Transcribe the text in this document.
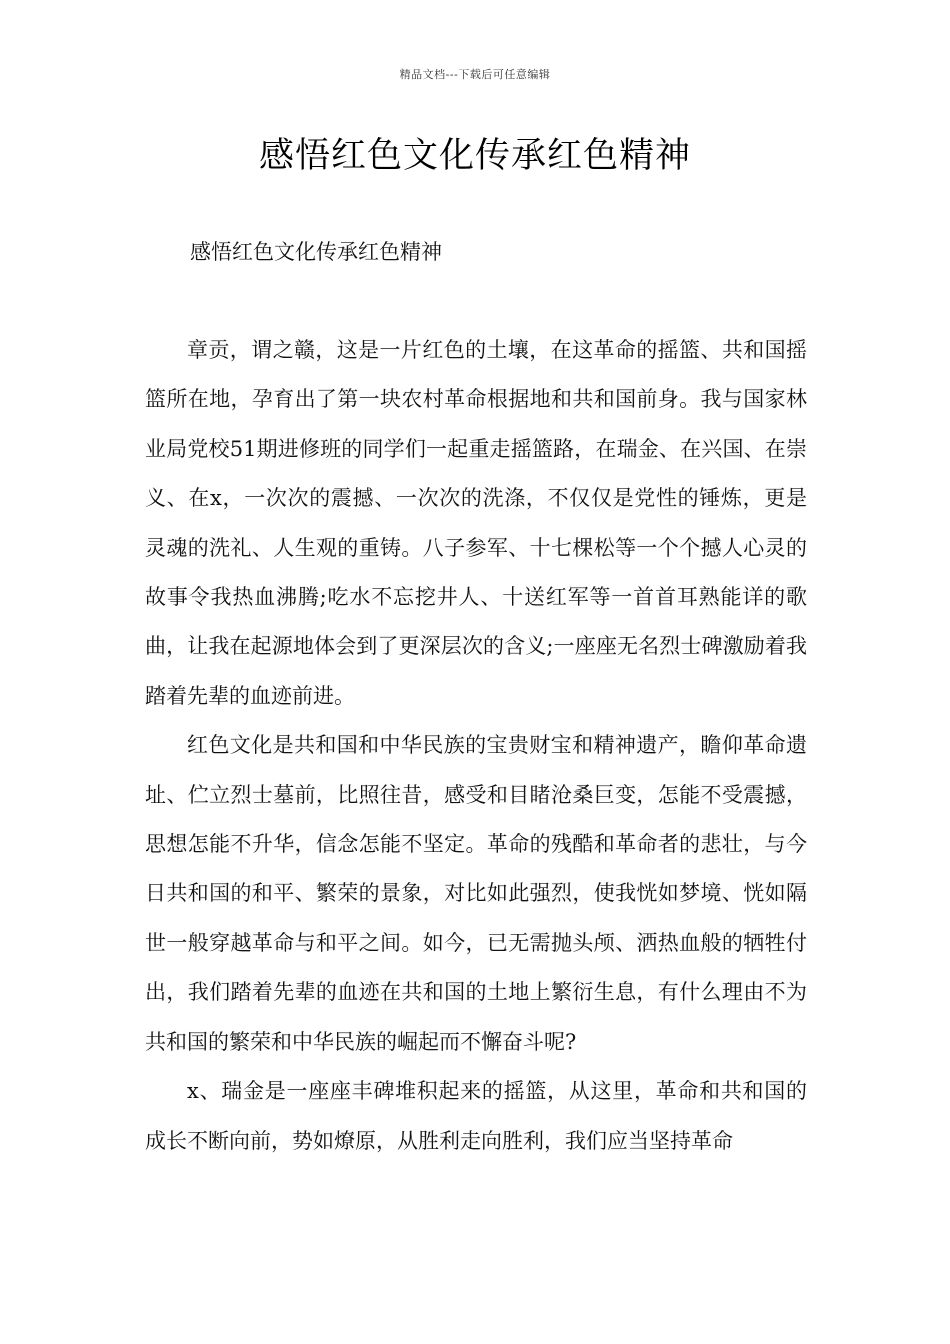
精品文档---下载后可任意编辑
感悟红色文化传承红色精神

感悟红色文化传承红色精神

章贡，谓之赣，这是一片红色的土壤，在这革命的摇篮、共和国摇篮所在地，孕育出了第一块农村革命根据地和共和国前身。我与国家林业局党校51期进修班的同学们一起重走摇篮路，在瑞金、在兴国、在崇义、在x，一次次的震撼、一次次的洗涤，不仅仅是党性的锤炼，更是灵魂的洗礼、人生观的重铸。八子参军、十七棵松等一个个撼人心灵的故事令我热血沸腾;吃水不忘挖井人、十送红军等一首首耳熟能详的歌曲，让我在起源地体会到了更深层次的含义;一座座无名烈士碑激励着我踏着先辈的血迹前进。

红色文化是共和国和中华民族的宝贵财宝和精神遗产，瞻仰革命遗址、伫立烈士墓前，比照往昔，感受和目睹沧桑巨变，怎能不受震撼，思想怎能不升华，信念怎能不坚定。革命的残酷和革命者的悲壮，与今日共和国的和平、繁荣的景象，对比如此强烈，使我恍如梦境、恍如隔世一般穿越革命与和平之间。如今，已无需抛头颅、洒热血般的牺牲付出，我们踏着先辈的血迹在共和国的土地上繁衍生息，有什么理由不为共和国的繁荣和中华民族的崛起而不懈奋斗呢?

x、瑞金是一座座丰碑堆积起来的摇篮，从这里，革命和共和国的成长不断向前，势如燎原，从胜利走向胜利，我们应当坚持革命
